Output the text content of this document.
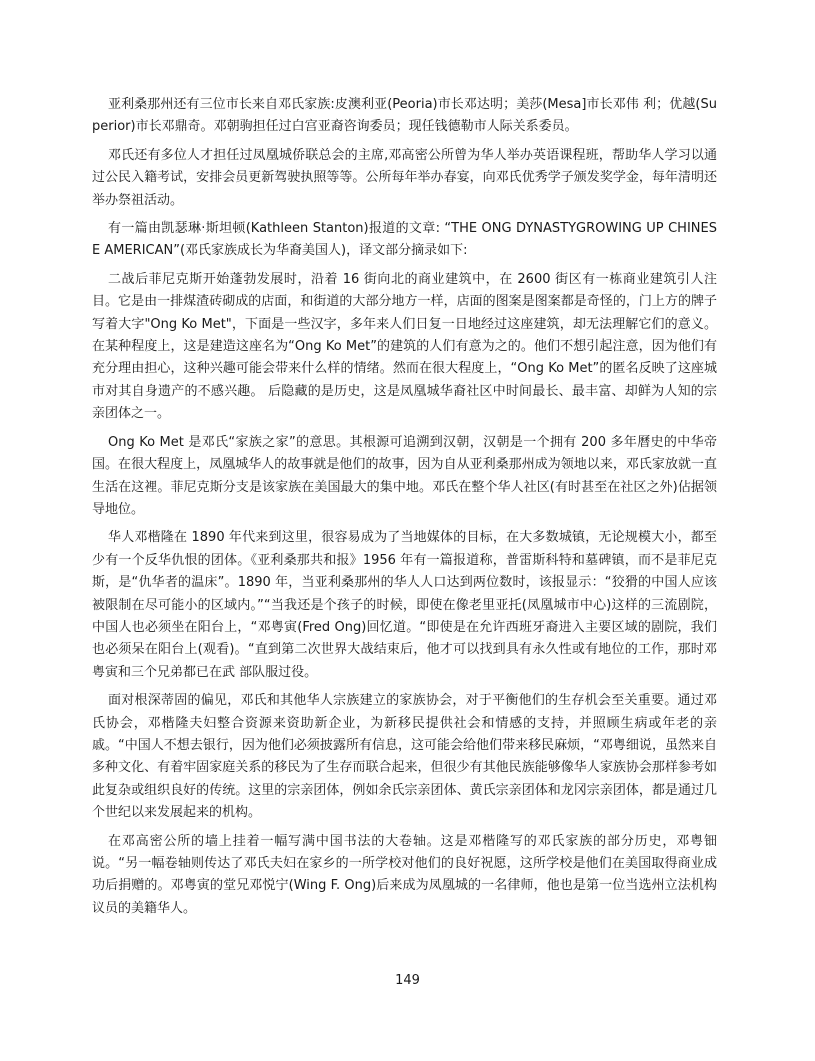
亚利桑那州还有三位市长来自邓氏家族:皮澳利亚(Peoria)市长邓达明；美莎(Mesa]市长邓伟 利；优越(Superior)市长邓鼎奇。邓朝驹担任过白宫亚裔咨询委员；现任钱德勒市人际关系委员。

邓氏还有多位人才担任过凤凰城侨联总会的主席,邓高密公所曾为华人举办英语课程班，帮助华人学习以通过公民入籍考试，安排会员更新驾驶执照等等。公所每年举办春宴，向邓氏优秀学子颁发奖学金，每年清明还举办祭祖活动。

有一篇由凯瑟琳·斯坦顿(Kathleen Stanton)报道的文章: “THE ONG DYNASTYGROWING UP CHINESE AMERICAN”(邓氏家族成长为华裔美国人)，译文部分摘录如下:

二战后菲尼克斯开始蓬勃发展时，沿着 16 街向北的商业建筑中，在 2600 街区有一栋商业建筑引人注目。它是由一排煤渣砖砌成的店面，和街道的大部分地方一样，店面的图案是图案都是奇怪的，门上方的牌子写着大字"Ong Ko Met"，下面是一些汉字，多年来人们日复一日地经过这座建筑，却无法理解它们的意义。在某种程度上，这是建造这座名为“Ong Ko Met”的建筑的人们有意为之的。他们不想引起注意，因为他们有充分理由担心，这种兴趣可能会带来什么样的情绪。然而在很大程度上，“Ong Ko Met”的匿名反映了这座城市对其自身遗产的不感兴趣。 后隐藏的是历史，这是凤凰城华裔社区中时间最长、最丰富、却鲜为人知的宗亲团体之一。

Ong Ko Met 是邓氏“家族之家”的意思。其根源可追溯到汉朝，汉朝是一个拥有 200 多年曆史的中华帝国。在很大程度上，凤凰城华人的故事就是他们的故事，因为自从亚利桑那州成为领地以来，邓氏家放就一直生活在这裡。菲尼克斯分支是该家族在美国最大的集中地。邓氏在整个华人社区(有时甚至在社区之外)佔据领导地位。

华人邓楷隆在 1890 年代来到这里，很容易成为了当地媒体的目标，在大多数城镇，无论规模大小，都至少有一个反华仇恨的团体。《亚利桑那共和报》1956 年有一篇报道称，普雷斯科特和墓碑镇，而不是菲尼克斯，是“仇华者的温床”。1890 年，当亚利桑那州的华人人口达到两位数时，该报显示：“狡猾的中国人应该被限制在尽可能小的区域内。”“当我还是个孩子的时候，即使在像老里亚托(凤凰城市中心)这样的三流剧院，中国人也必须坐在阳台上，“邓粤寅(Fred Ong)回忆道。“即使是在允许西班牙裔进入主要区域的剧院，我们也必须呆在阳台上(观看)。“直到第二次世界大战结束后，他才可以找到具有永久性或有地位的工作，那时邓粤寅和三个兄弟都已在武 部队服过役。

面对根深蒂固的偏见，邓氏和其他华人宗族建立的家族协会，对于平衡他们的生存机会至关重要。通过邓氏协会，邓楷隆夫妇整合资源来资助新企业，为新移民提供社会和情感的支持，并照顾生病或年老的亲戚。“中国人不想去银行，因为他们必须披露所有信息，这可能会给他们带来移民麻烦，“邓粤细说，虽然来自多种文化、有着牢固家庭关系的移民为了生存而联合起来，但很少有其他民族能够像华人家族协会那样参考如此复杂或组织良好的传统。这里的宗亲团体，例如余氏宗亲团体、黄氏宗亲团体和龙冈宗亲团体，都是通过几个世纪以来发展起来的机构。

在邓高密公所的墙上挂着一幅写满中国书法的大卷轴。这是邓楷隆写的邓氏家族的部分历史，邓粤钿说。“另一幅卷轴则传达了邓氏夫妇在家乡的一所学校对他们的良好祝愿，这所学校是他们在美国取得商业成功后捐赠的。邓粤寅的堂兄邓悦宁(Wing F. Ong)后来成为凤凰城的一名律师，他也是第一位当选州立法机构议员的美籍华人。

149
